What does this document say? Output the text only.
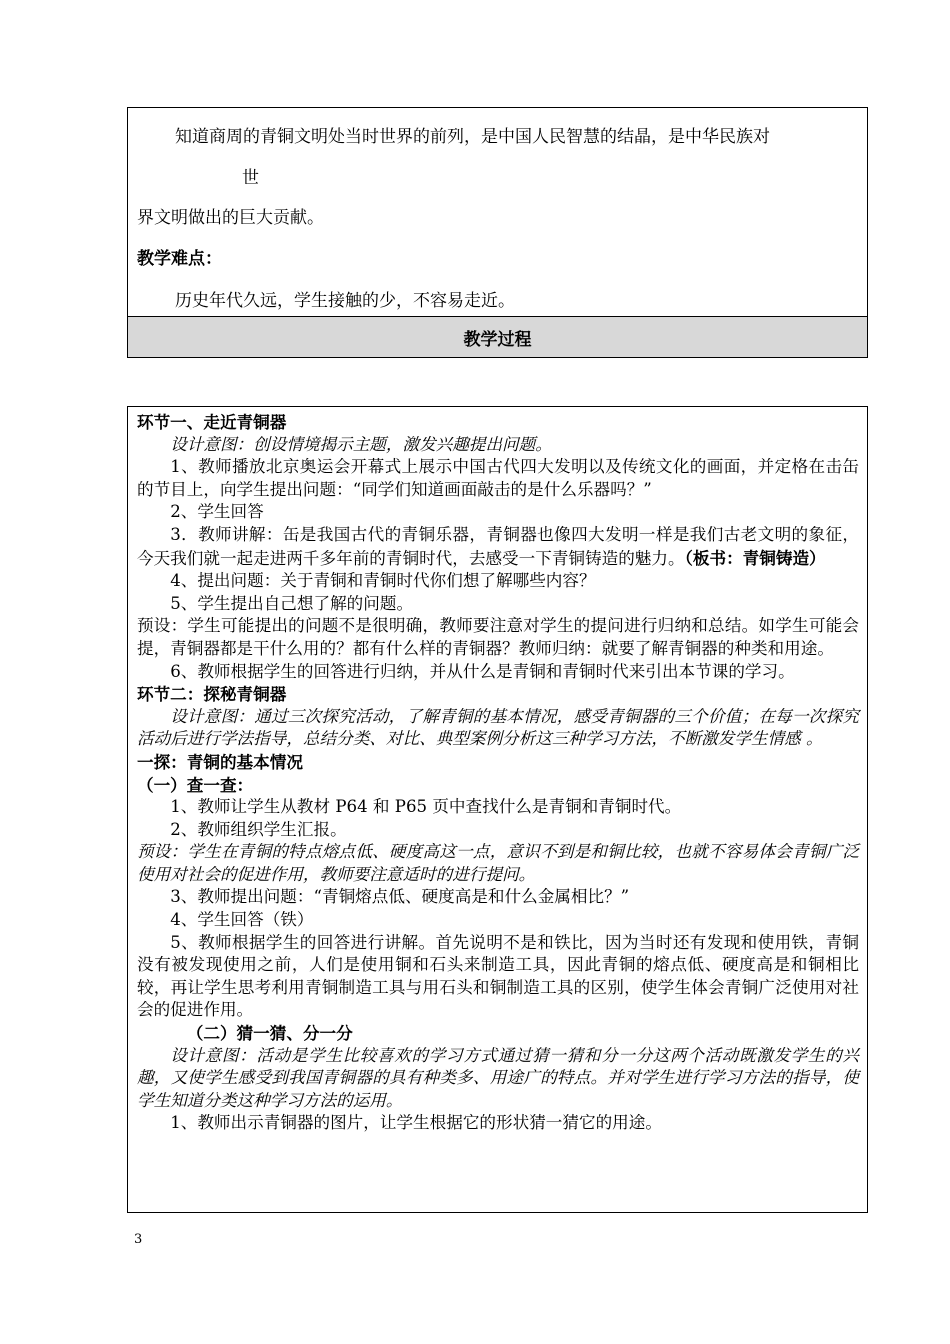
知道商周的青铜文明处当时世界的前列，是中国人民智慧的结晶，是中华民族对
世
界文明做出的巨大贡献。
教学难点：
历史年代久远，学生接触的少，不容易走近。
教学过程

环节一、走近青铜器

设计意图：创设情境揭示主题，激发兴趣提出问题。

1、教师播放北京奥运会开幕式上展示中国古代四大发明以及传统文化的画面，并定格在击缶的节目上，向学生提出问题：“同学们知道画面敲击的是什么乐器吗？”

2、学生回答

3．教师讲解：缶是我国古代的青铜乐器，青铜器也像四大发明一样是我们古老文明的象征，今天我们就一起走进两千多年前的青铜时代，去感受一下青铜铸造的魅力。（板书：青铜铸造）

4、提出问题：关于青铜和青铜时代你们想了解哪些内容？

5、学生提出自己想了解的问题。

预设：学生可能提出的问题不是很明确，教师要注意对学生的提问进行归纳和总结。如学生可能会提，青铜器都是干什么用的？都有什么样的青铜器？教师归纳：就要了解青铜器的种类和用途。

6、教师根据学生的回答进行归纳，并从什么是青铜和青铜时代来引出本节课的学习。

环节二：探秘青铜器

设计意图：通过三次探究活动，了解青铜的基本情况，感受青铜器的三个价值；在每一次探究活动后进行学法指导，总结分类、对比、典型案例分析这三种学习方法，不断激发学生情感 。

一探：青铜的基本情况

（一）查一查：

1、教师让学生从教材 P64 和 P65 页中查找什么是青铜和青铜时代。

2、教师组织学生汇报。

预设：学生在青铜的特点熔点低、硬度高这一点，意识不到是和铜比较，也就不容易体会青铜广泛使用对社会的促进作用，教师要注意适时的进行提问。

3、教师提出问题：“青铜熔点低、硬度高是和什么金属相比？”

4、学生回答（铁）

5、教师根据学生的回答进行讲解。首先说明不是和铁比，因为当时还有发现和使用铁，青铜没有被发现使用之前，人们是使用铜和石头来制造工具，因此青铜的熔点低、硬度高是和铜相比较，再让学生思考利用青铜制造工具与用石头和铜制造工具的区别，使学生体会青铜广泛使用对社会的促进作用。

（二）猜一猜、分一分

设计意图：活动是学生比较喜欢的学习方式通过猜一猜和分一分这两个活动既激发学生的兴趣，又使学生感受到我国青铜器的具有种类多、用途广的特点。并对学生进行学习方法的指导，使学生知道分类这种学习方法的运用。

1、教师出示青铜器的图片，让学生根据它的形状猜一猜它的用途。

3
